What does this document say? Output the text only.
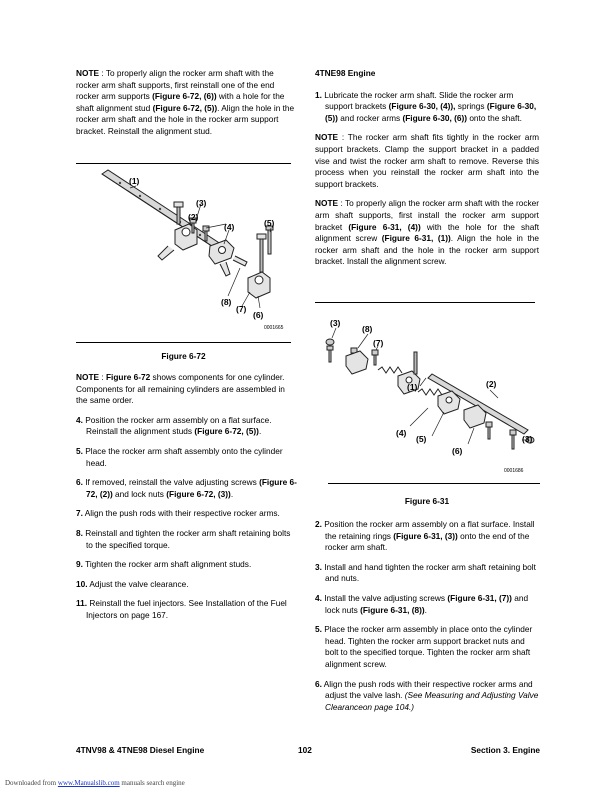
NOTE : To properly align the rocker arm shaft with the rocker arm shaft supports, first reinstall one of the end rocker arm supports (Figure 6-72, (6)) with a hole for the shaft alignment stud (Figure 6-72, (5)). Align the hole in the rocker arm shaft and the hole in the rocker arm support bracket. Reinstall the alignment stud.

(1)
(2)
(3)
(4)	(5)
(6)
(7)
(8)
0001665
Figure 6-72

NOTE : Figure 6-72 shows components for one cylinder. Components for all remaining cylinders are assembled in the same order.

4. Position the rocker arm assembly on a flat surface. Reinstall the alignment studs (Figure 6-72, (5)).

5. Place the rocker arm shaft assembly onto the cylinder head.

6. If removed, reinstall the valve adjusting screws (Figure 6-72, (2)) and lock nuts (Figure 6-72, (3)).

7. Align the push rods with their respective rocker arms.

8. Reinstall and tighten the rocker arm shaft retaining bolts to the specified torque.

9. Tighten the rocker arm shaft alignment studs.

10. Adjust the valve clearance.

11. Reinstall the fuel injectors. See Installation of the Fuel Injectors on page 167.

4TNE98 Engine

1. Lubricate the rocker arm shaft. Slide the rocker arm support brackets (Figure 6-30, (4)), springs (Figure 6-30, (5)) and rocker arms (Figure 6-30, (6)) onto the shaft.

NOTE : The rocker arm shaft fits tightly in the rocker arm support brackets. Clamp the support bracket in a padded vise and twist the rocker arm shaft to remove. Reverse this process when you reinstall the rocker arm shaft into the support brackets.

NOTE : To properly align the rocker arm shaft with the rocker arm shaft supports, first install the rocker arm support bracket (Figure 6-31, (4)) with the hole for the shaft alignment screw (Figure 6-31, (1)). Align the hole in the rocker arm shaft and the hole in the rocker arm support bracket. Install the alignment screw.

(3)
(8)
(7)
(1)	(2)
(4)
(5)
(6)
(3)
0001686
Figure 6-31

2. Position the rocker arm assembly on a flat surface. Install the retaining rings (Figure 6-31, (3)) onto the end of the rocker arm shaft.

3. Install and hand tighten the rocker arm shaft retaining bolt and nuts.

4. Install the valve adjusting screws (Figure 6-31, (7)) and lock nuts (Figure 6-31, (8)).

5. Place the rocker arm assembly in place onto the cylinder head. Tighten the rocker arm support bracket nuts and bolt to the specified torque. Tighten the rocker arm shaft alignment screw.

6. Align the push rods with their respective rocker arms and adjust the valve lash. (See Measuring and Adjusting Valve Clearanceon page 104.)

4TNV98 & 4TNE98 Diesel Engine	102	Section 3. Engine
Downloaded from www.Manualslib.com manuals search engine
